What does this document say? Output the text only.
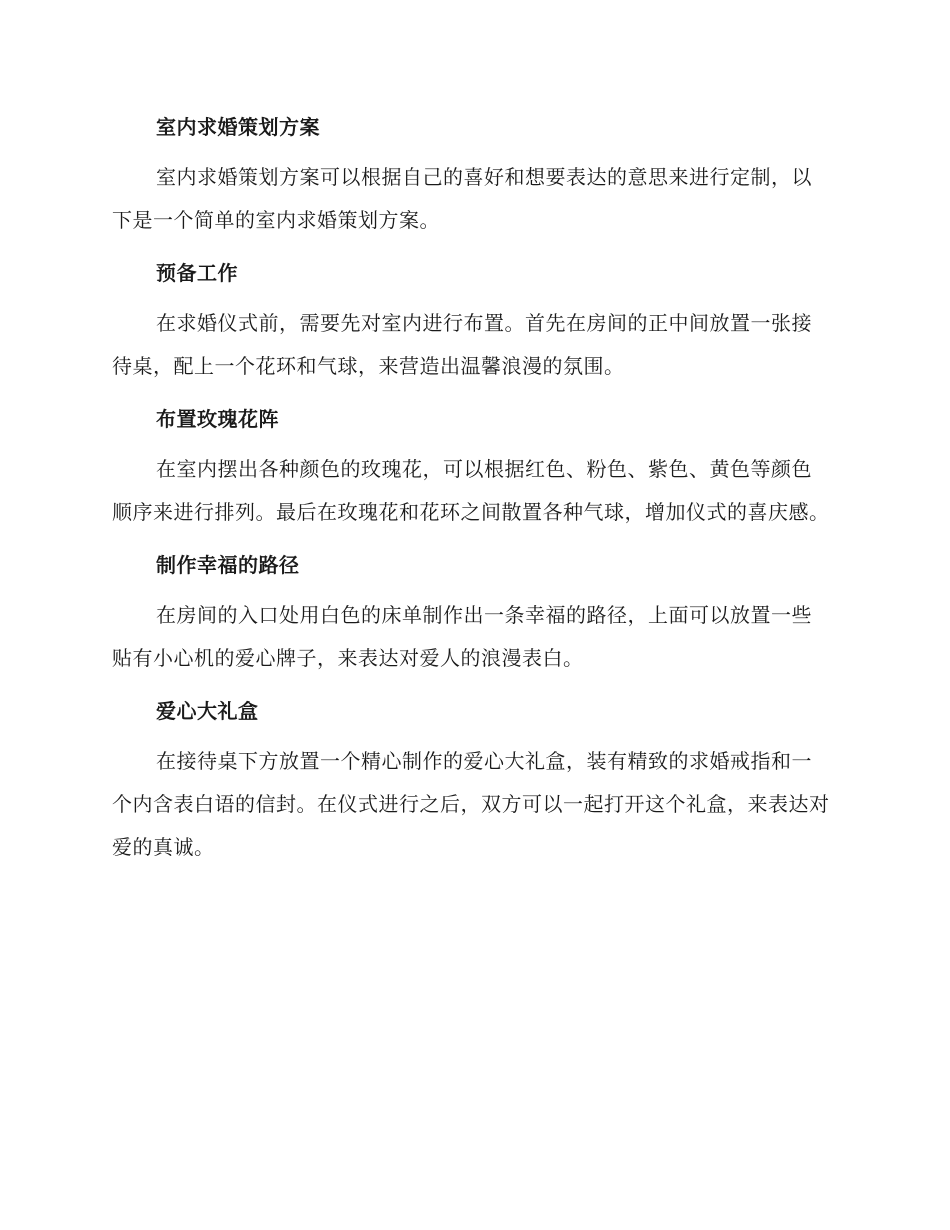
室内求婚策划方案

室内求婚策划方案可以根据自己的喜好和想要表达的意思来进行定制，以下是一个简单的室内求婚策划方案。

预备工作

在求婚仪式前，需要先对室内进行布置。首先在房间的正中间放置一张接待桌，配上一个花环和气球，来营造出温馨浪漫的氛围。

布置玫瑰花阵

在室内摆出各种颜色的玫瑰花，可以根据红色、粉色、紫色、黄色等颜色顺序来进行排列。最后在玫瑰花和花环之间散置各种气球，增加仪式的喜庆感。

制作幸福的路径

在房间的入口处用白色的床单制作出一条幸福的路径，上面可以放置一些贴有小心机的爱心牌子，来表达对爱人的浪漫表白。

爱心大礼盒

在接待桌下方放置一个精心制作的爱心大礼盒，装有精致的求婚戒指和一个内含表白语的信封。在仪式进行之后，双方可以一起打开这个礼盒，来表达对爱的真诚。
